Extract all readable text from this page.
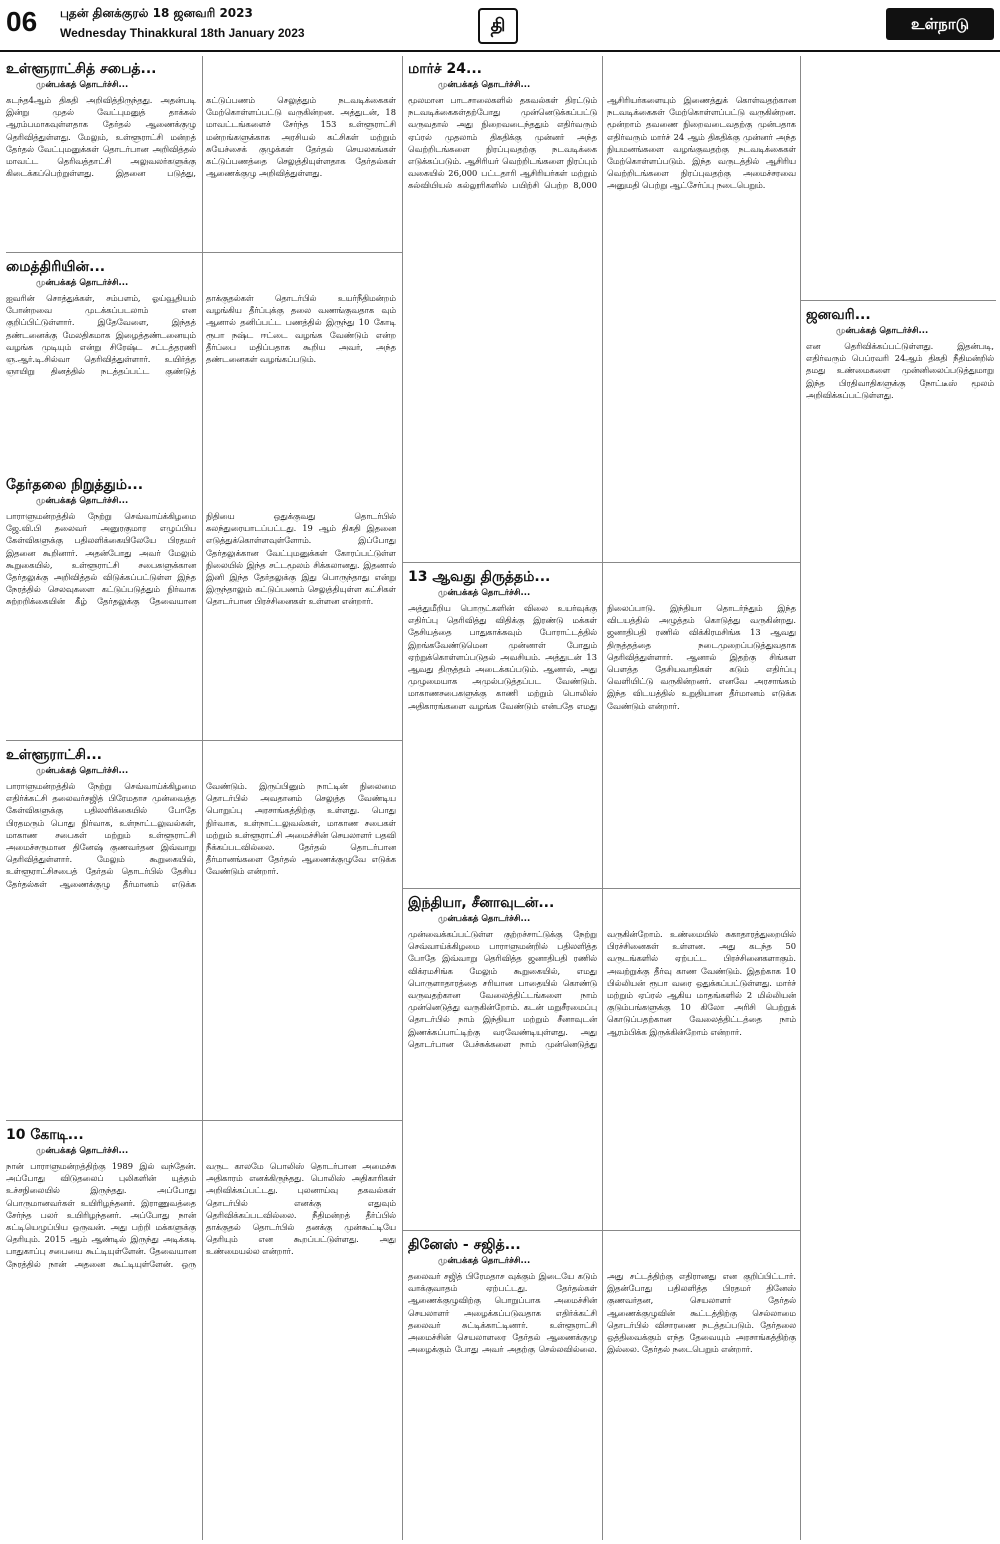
06 புதன் தினக்குரல் 18 ஜனவரி 2023
Wednesday Thinakkural 18th January 2023	தி	உள்நாடு
உள்ளூராட்சித் சபைத்...
முன்பக்கத் தொடர்ச்சி...
கடந்த4ஆம் திகதி அறிவித்திருந்தது. அதன்படி இன்று முதல் வேட்புமனுத் தாக்கல் ஆரம்பமாகவுள்ளதாக தேர்தல் ஆணைக்குழு தெரிவித்துள்ளது. மேலும், உள்ளூராட்சி மன்றத் தேர்தல் வேட்புமனுக்கள் தொடர்பான அறிவித்தல் மாவட்ட தெரிவத்தாட்சி அலுவலர்களுக்கு கிடைக்கப்பெற்றுள்ளது. இதனை படுத்து, கட்டுப்பணம் செலுத்தும் நடவடிக்கைகள் மேற்கொள்ளப்பட்டு வருகின்றன. அத்துடன், 18 மாவட்டங்களைச் சேர்ந்த 153 உள்ளூராட்சி மன்றங்களுக்காக அரசியல் கட்சிகள் மற்றும் சுயேச்சைக் குழுக்கள் தேர்தல் செயலகங்கள் கட்டுப்பணத்தை செலுத்தியுள்ளதாக தேர்தல்கள் ஆணைக்குழு அறிவித்துள்ளது.
மைத்திரியின்...
முன்பக்கத் தொடர்ச்சி...
ஐவரின் சொத்துக்கள், சம்பளம், ஓய்வூதியம் போன்றவை முடக்கப்படலாம் என குறிப்பிட்டுள்ளார். இதேவேளை, இந்தத் தண்டனைக்கு மேலதிகமாக இழைத்தண்டனையும் வழங்க முடியும் என்று சிரேஷ்ட சட்டத்தரணி ஞ.ஆர்.டி.சில்வா தெரிவித்துள்ளார். உயிர்த்த ஞாயிறு தினத்தில் நடத்தப்பட்ட குண்டுத் தாக்குதல்கள் தொடர்பில் உயர்நீதிமன்றம் வழங்கிய தீர்ப்புக்கு தலை வணங்குவதாக வும் ஆனால் தனிப்பட்ட பணத்தில் இருந்து 10 கோடி ரூபா நஷ்ட ஈட்டை வழங்க வேண்டும் என்ற தீர்ப்பை மதிப்பதாக கூறிய அவர், அந்த தண்டனைகள் வழங்கப்படும்.
மார்ச் 24...
முன்பக்கத் தொடர்ச்சி...
மூலமான பாடசாலைகளில் தகவல்கள் திரட்டும் நடவடிக்கைகள்தற்போது முன்னெடுக்கப்பட்டு வருவதால் அது நிறைவடைந்ததும் எதிர்வரும் ஏப்ரல் முதலாம் திகதிக்கு முன்னர் அந்த வெற்றிடங்களை நிரப்புவதற்கு நடவடிக்கை எடுக்கப்படும். ஆசிரியர் வெற்றிடங்களை நிரப்பும் வகையில் 26,000 பட்டதாரி ஆசிரியர்கள் மற்றும் கல்வியியல் கல்லூரிகளில் பயிற்சி பெற்ற 8,000 ஆசிரியர்களையும் இணைத்துக் கொள்வதற்கான நடவடிக்கைகள் மேற்கொள்ளப்பட்டு வருகின்றன. மூன்றாம் தவணை நிறைவடைவதற்கு முன்பதாக எதிர்வரும் மார்ச் 24 ஆம் திகதிக்கு முன்னர் அந்த நியமனங்களை வழங்குவதற்கு நடவடிக்கைகள் மேற்கொள்ளப்படும். இந்த வருடத்தில் ஆசிரிய வெற்றிடங்களை நிரப்புவதற்கு அமைச்சரவை அனுமதி பெற்று ஆட்சேர்ப்பு நடைபெறும்.
ஜனவரி...
முன்பக்கத் தொடர்ச்சி...
என தெரிவிக்கப்பட்டுள்ளது. இதன்படி, எதிர்வரும் பெப்ரவரி 24ஆம் திகதி நீதிமன்றில் தமது உண்மைகளை முன்னிலைப்படுத்துமாறு இந்த பிரதிவாதிகளுக்கு நோட்டீஸ் மூலம் அறிவிக்கப்பட்டுள்ளது.
தேர்தலை நிறுத்தும்...
முன்பக்கத் தொடர்ச்சி...
பாராளுமன்றத்தில் நேற்று செவ்வாய்க்கிழமை ஜே.வி.பி தலைவர் அனுரகுமார எழுப்பிய கேள்விகளுக்கு பதிலளிக்கையிலேயே பிரதமர் இதனை கூறினார். அதன்போது அவர் மேலும் கூறுகையில், உள்ளூராட்சி சபைகளுக்கான தேர்தலுக்கு அறிவித்தல் விடுக்கப்பட்டுள்ள இந்த நேரத்தில் செலவுகளை கட்டுப்படுத்தும் நிர்வாக சுற்றறிக்கையின் கீழ் தேர்தலுக்கு தேவையான நிதியை ஒதுக்குவது தொடர்பில் கலந்துரையாடப்பட்டது. 19 ஆம் திகதி இதனை எடுத்துக்கொள்ளவுள்ளோம். இப்போது தேர்தலுக்கான வேட்புமனுக்கள் கோரப்பட்டுள்ள நிலையில் இந்த சட்டமூலம் சிக்கலானது. இதனால் இனி இந்த தேர்தலுக்கு இது பொருந்தாது என்று இருந்தாலும் கட்டுப்பணம் செலுத்தியுள்ள கட்சிகள் தொடர்பான பிரச்சினைகள் உள்ளன என்றார்.
13 ஆவது திருத்தம்...
முன்பக்கத் தொடர்ச்சி...
அத்துமீறிய பொருட்களின் விலை உயர்வுக்கு எதிர்ப்பு தெரிவித்து விதிக்கு இரண்டு மக்கள் தேசியத்தை பாதுகாக்கவும் போராட்டத்தில் இறங்கவேண்டுமென முன்னாள் போதும் ஏற்றுக்கொள்ளப்படுதல் அவசியம். அத்துடன் 13 ஆவது திருத்தம் அடைக்கப்படும். ஆனால், அது முழுமையாக அமுல்படுத்தப்பட வேண்டும். மாகாணசபைகளுக்கு காணி மற்றும் பொலிஸ் அதிகாரங்களை வழங்க வேண்டும் என்பதே எமது நிலைப்பாடு. இந்தியா தொடர்ந்தும் இந்த விடயத்தில் அழுத்தம் கொடுத்து வருகின்றது. ஜனாதிபதி ரணில் விக்கிரமசிங்க 13 ஆவது திருத்தத்தை நடைமுறைப்படுத்துவதாக தெரிவித்துள்ளார். ஆனால் இதற்கு சிங்கள பௌத்த தேசியவாதிகள் கடும் எதிர்ப்பு வெளியிட்டு வருகின்றனர். எனவே அரசாங்கம் இந்த விடயத்தில் உறுதியான தீர்மானம் எடுக்க வேண்டும் என்றார்.
உள்ளூராட்சி...
முன்பக்கத் தொடர்ச்சி...
பாராளுமன்றத்தில் நேற்று செவ்வாய்க்கிழமை எதிர்க்கட்சி தலைவர்சஜித் பிரேமதாச முன்வைத்த கேள்விகளுக்கு பதிலளிக்கையில் போதே பிரதமரும் பொது நிர்வாக, உள்நாட்டலுவல்கள், மாகாண சபைகள் மற்றும் உள்ளூராட்சி அமைச்சருமான தினேஷ் குணவர்தன இவ்வாறு தெரிவித்துள்ளார். மேலும் கூறுகையில், உள்ளூராட்சிசபைத் தேர்தல் தொடர்பில் தேசிய தேர்தல்கள் ஆணைக்குழு தீர்மானம் எடுக்க வேண்டும். இருப்பினும் நாட்டின் நிலைமை தொடர்பில் அவதானம் செலுத்த வேண்டிய பொறுப்பு அரசாங்கத்திற்கு உள்ளது. பொது நிர்வாக, உள்நாட்டலுவல்கள், மாகாண சபைகள் மற்றும் உள்ளூராட்சி அமைச்சின் செயலாளர் பதவி நீக்கப்படவில்லை. தேர்தல் தொடர்பான தீர்மானங்களை தேர்தல் ஆணைக்குழுவே எடுக்க வேண்டும் என்றார்.
இந்தியா, சீனாவுடன்...
முன்பக்கத் தொடர்ச்சி...
முன்வைக்கப்பட்டுள்ள குற்றச்சாட்டுக்கு நேற்று செவ்வாய்க்கிழமை பாராளுமன்றில் பதிலளித்த போதே இவ்வாறு தெரிவித்த ஜனாதிபதி ரணில் விக்ரமசிங்க மேலும் கூறுகையில், எமது பொருளாதாரத்தை சரியான பாதையில் கொண்டு வருவதற்கான வேலைத்திட்டங்களை நாம் முன்னெடுத்து வருகின்றோம். கடன் மறுசீரமைப்பு தொடர்பில் நாம் இந்தியா மற்றும் சீனாவுடன் இணக்கப்பாட்டிற்கு வரவேண்டியுள்ளது. அது தொடர்பான பேச்சுக்களை நாம் முன்னெடுத்து வருகின்றோம். உண்மையில் சுகாதாரத்துறையில் பிரச்சினைகள் உள்ளன. அது கடந்த 50 வருடங்களில் ஏற்பட்ட பிரச்சினைகளாகும். அவற்றுக்கு தீர்வு காண வேண்டும். இதற்காக 10 பில்லியன் ரூபா வரை ஒதுக்கப்பட்டுள்ளது. மார்ச் மற்றும் ஏப்ரல் ஆகிய மாதங்களில் 2 மில்லியன் குடும்பங்களுக்கு 10 கிலோ அரிசி பெற்றுக் கொடுப்பதற்கான வேலைத்திட்டத்தை நாம் ஆரம்பிக்க இருக்கின்றோம் என்றார்.
10 கோடி...
முன்பக்கத் தொடர்ச்சி...
நான் பாராளுமன்றத்திற்கு 1989 இல் வந்தேன். அப்போது விடுதலைப் புலிகளின் யுத்தம் உச்சநிலையில் இருந்தது. அப்போது பொருமானவர்கள் உயிரிழந்தனர். இராணுவத்தை சேர்ந்த பலர் உயிரிழந்தனர். அப்போது நான் கட்டியெழுப்பிய ஒருவன். அது பற்றி மக்களுக்கு தெரியும். 2015 ஆம் ஆண்டில் இருந்து அடிக்கடி பாதுகாப்பு சபையை கூட்டியுள்ளேன். தேவையான நேரத்தில் நான் அதனை கூட்டியுள்ளேன். ஒரு வருட காலமே பொலிஸ் தொடர்பான அமைச்சு அதிகாரம் எனக்கிருந்தது. பொலிஸ் அதிகாரிகள் அறிவிக்கப்பட்டது. புலனாய்வு தகவல்கள் தொடர்பில் எனக்கு எதுவும் தெரிவிக்கப்படவில்லை. நீதிமன்றத் தீர்ப்பில் தாக்குதல் தொடர்பில் தனக்கு முன்கூட்டியே தெரியும் என கூறப்பட்டுள்ளது. அது உண்மையல்ல என்றார்.	தினேஸ் - சஜித்...
முன்பக்கத் தொடர்ச்சி...
தலைவர் சஜித் பிரேமதாச வுக்கும் இடையே கடும் வாக்குவாதம் ஏற்பட்டது. தேர்தல்கள் ஆணைக்குழுவிற்கு பொறுப்பாக அமைச்சின் செயலாளர் அழைக்கப்படுவதாக எதிர்க்கட்சி தலைவர் சுட்டிக்காட்டினார். உள்ளூராட்சி அமைச்சின் செயலாளரை தேர்தல் ஆணைக்குழு அழைக்கும் போது அவர் அதற்கு செல்லவில்லை. அது சட்டத்திற்கு எதிரானது என குறிப்பிட்டார். இதன்போது பதிலளித்த பிரதமர் தினேஸ் குணவர்தன, செயலாளர் தேர்தல் ஆணைக்குழுவின் கூட்டத்திற்கு செல்லாமை தொடர்பில் விசாரணை நடத்தப்படும். தேர்தலை ஒத்திவைக்கும் எந்த தேவையும் அரசாங்கத்திற்கு இல்லை. தேர்தல் நடைபெறும் என்றார்.
